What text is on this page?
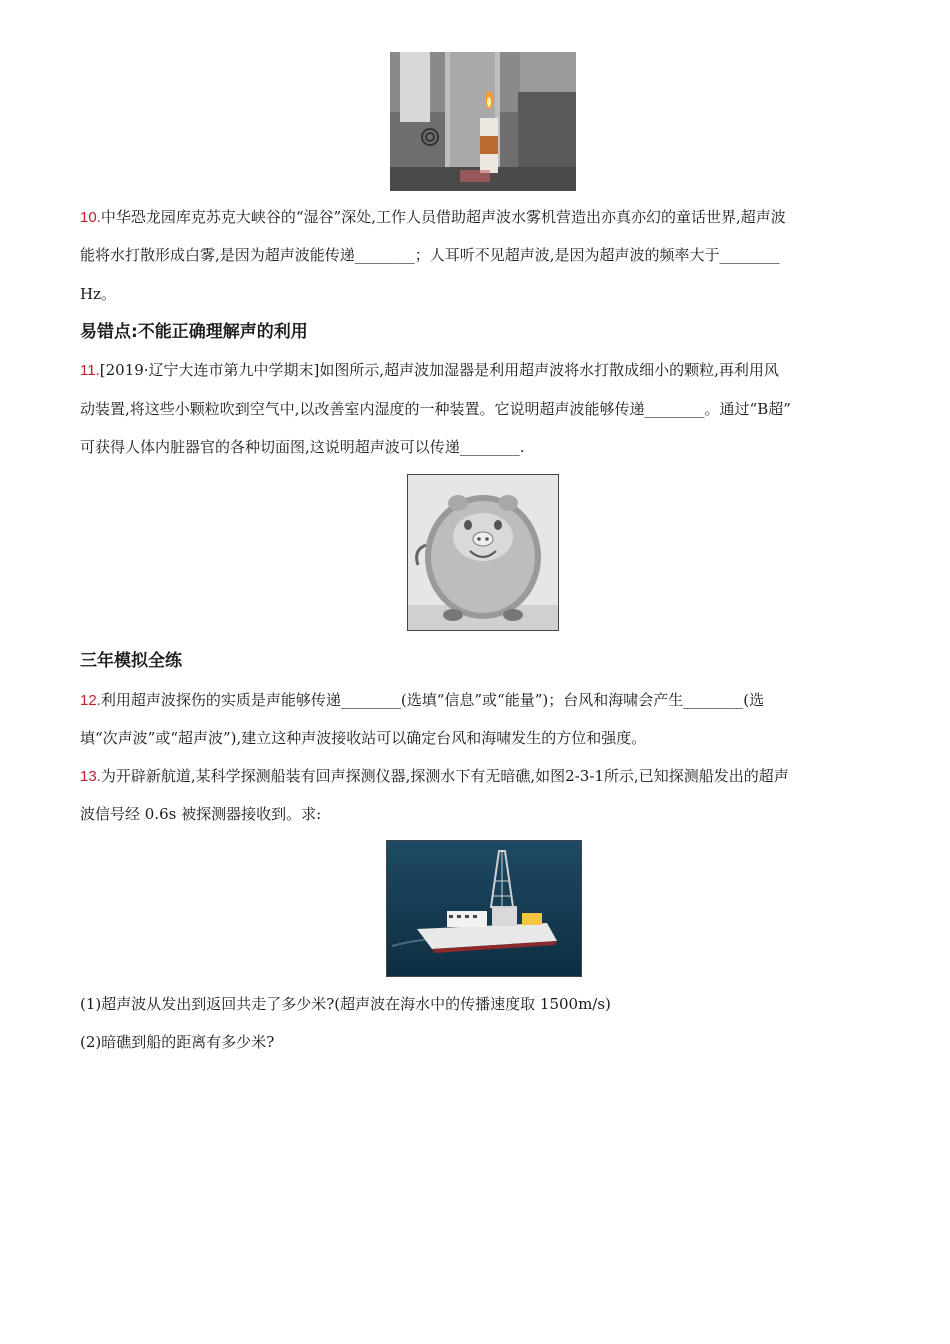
10.中华恐龙园库克苏克大峡谷的“湿谷”深处,工作人员借助超声波水雾机营造出亦真亦幻的童话世界,超声波
能将水打散形成白雾,是因为超声波能传递________；人耳听不见超声波,是因为超声波的频率大于________
Hz。
易错点:不能正确理解声的利用
11.[2019·辽宁大连市第九中学期末]如图所示,超声波加湿器是利用超声波将水打散成细小的颗粒,再利用风
动装置,将这些小颗粒吹到空气中,以改善室内湿度的一种装置。它说明超声波能够传递________。通过“B超”
可获得人体内脏器官的各种切面图,这说明超声波可以传递________.
三年模拟全练
12.利用超声波探伤的实质是声能够传递________(选填“信息”或“能量”)；台风和海啸会产生________(选
填“次声波”或“超声波”),建立这种声波接收站可以确定台风和海啸发生的方位和强度。
13.为开辟新航道,某科学探测船装有回声探测仪器,探测水下有无暗礁,如图2-3-1所示,已知探测船发出的超声
波信号经 0.6s 被探测器接收到。求:
(1)超声波从发出到返回共走了多少米?(超声波在海水中的传播速度取 1500m/s)
(2)暗礁到船的距离有多少米?
